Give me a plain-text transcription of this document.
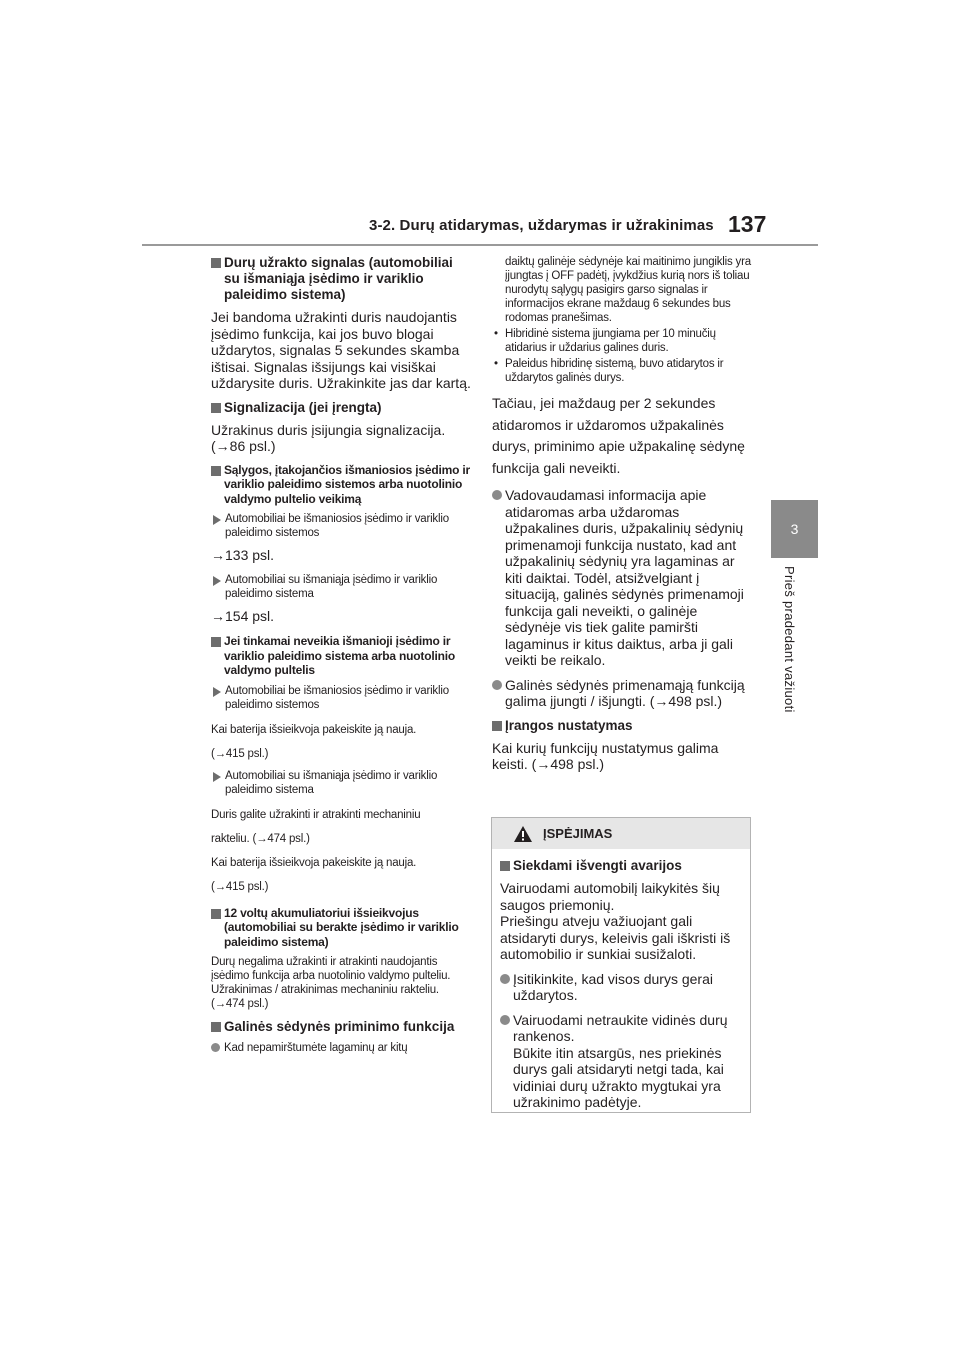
3-2. Durų atidarymas, uždarymas ir užrakinimas 137
3
Prieš pradedant važiuoti
Durų užrakto signalas (automobiliai su išmaniąja įsėdimo ir variklio paleidimo sistema)
Jei bandoma užrakinti duris naudojantis įsėdimo funkcija, kai jos buvo blogai uždarytos, signalas 5 sekundes skamba ištisai. Signalas išsijungs kai visiškai uždarysite duris. Užrakinkite jas dar kartą.
Signalizacija (jei įrengta)
Užrakinus duris įsijungia signalizacija. (→86 psl.)
Sąlygos, įtakojančios išmaniosios įsėdimo ir variklio paleidimo sistemos arba nuotolinio valdymo pultelio veikimą
Automobiliai be išmaniosios įsėdimo ir variklio paleidimo sistemos
→133 psl.
Automobiliai su išmaniąja įsėdimo ir variklio paleidimo sistema
→154 psl.
Jei tinkamai neveikia išmanioji įsėdimo ir variklio paleidimo sistema arba nuotolinio valdymo pultelis
Automobiliai be išmaniosios įsėdimo ir variklio paleidimo sistemos
Kai baterija išsieikvoja pakeiskite ją nauja.
(→415 psl.)
Automobiliai su išmaniąja įsėdimo ir variklio paleidimo sistema
Duris galite užrakinti ir atrakinti mechaniniu
rakteliu. (→474 psl.)
Kai baterija išsieikvoja pakeiskite ją nauja.
(→415 psl.)
12 voltų akumuliatoriui išsieikvojus (automobiliai su berakte įsėdimo ir variklio paleidimo sistema)
Durų negalima užrakinti ir atrakinti naudojantis įsėdimo funkcija arba nuotolinio valdymo pulteliu. Užrakinimas / atrakinimas mechaniniu rakteliu. (→474 psl.)
Galinės sėdynės priminimo funkcija
Kad nepamirštumėte lagaminų ar kitų
daiktų galinėje sėdynėje kai maitinimo jungiklis yra įjungtas į OFF padėtį, įvykdžius kurią nors iš toliau nurodytų sąlygų pasigirs garso signalas ir informacijos ekrane maždaug 6 sekundes bus rodomas pranešimas.
• Hibridinė sistema įjungiama per 10 minučių atidarius ir uždarius galines duris.
• Paleidus hibridinę sistemą, buvo atidarytos ir uždarytos galinės durys.
Tačiau, jei maždaug per 2 sekundes atidaromos ir uždaromos užpakalinės durys, priminimo apie užpakalinę sėdynę funkcija gali neveikti.
Vadovaudamasi informacija apie atidaromas arba uždaromas užpakalines duris, užpakalinių sėdynių primenamoji funkcija nustato, kad ant užpakalinių sėdynių yra lagaminas ar kiti daiktai. Todėl, atsižvelgiant į situaciją, galinės sėdynės primenamoji funkcija gali neveikti, o galinėje sėdynėje vis tiek galite pamiršti lagaminus ir kitus daiktus, arba ji gali veikti be reikalo.
Galinės sėdynės primenamąją funkciją galima įjungti / išjungti. (→498 psl.)
Įrangos nustatymas
Kai kurių funkcijų nustatymus galima keisti. (→498 psl.)
ĮSPĖJIMAS
Siekdami išvengti avarijos
Vairuodami automobilį laikykitės šių saugos priemonių.
Priešingu atveju važiuojant gali atsidaryti durys, keleivis gali iškristi iš automobilio ir sunkiai susižaloti.
Įsitikinkite, kad visos durys gerai uždarytos.
Vairuodami netraukite vidinės durų rankenos.
Būkite itin atsargūs, nes priekinės durys gali atsidaryti netgi tada, kai vidiniai durų užrakto mygtukai yra užrakinimo padėtyje.
